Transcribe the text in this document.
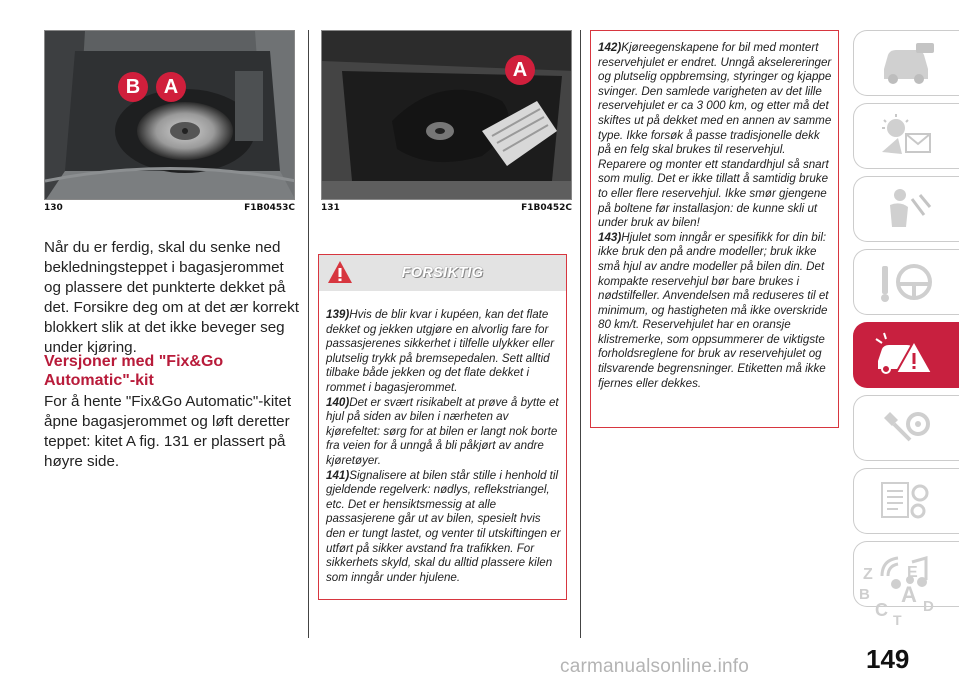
B	A
130	F1B0453C
A
131	F1B0452C

Når du er ferdig, skal du senke ned bekledningsteppet i bagasjerommet og plassere det punkterte dekket på det. Forsikre deg om at det ær korrekt blokkert slik at det ikke beveger seg under kjøring.

Versjoner med "Fix&Go Automatic"-kit

For å hente "Fix&Go Automatic"-kitet åpne bagasjerommet og løft deretter teppet: kitet A fig. 131 er plassert på høyre side.

FORSIKTIG

139)Hvis de blir kvar i kupéen, kan det flate dekket og jekken utgjøre en alvorlig fare for passasjerenes sikkerhet i tilfelle ulykker eller plutselig trykk på bremsepedalen. Sett alltid tilbake både jekken og det flate dekket i rommet i bagasjerommet.

140)Det er svært risikabelt at prøve å bytte et hjul på siden av bilen i nærheten av kjørefeltet: sørg for at bilen er langt nok borte fra veien for å unngå å bli påkjørt av andre kjøretøyer.

141)Signalisere at bilen står stille i henhold til gjeldende regelverk: nødlys, reflekstriangel, etc. Det er hensiktsmessig at alle passasjerene går ut av bilen, spesielt hvis den er tungt lastet, og venter til utskiftingen er utført på sikker avstand fra trafikken. For sikkerhets skyld, skal du alltid plassere kilen som inngår under hjulene.

142)Kjøreegenskapene for bil med montert reservehjulet er endret. Unngå akselereringer og plutselig oppbremsing, styringer og kjappe svinger. Den samlede varigheten av det lille reservehjulet er ca 3 000 km, og etter må det skiftes ut på dekket med en annen av samme type. Ikke forsøk å passe tradisjonelle dekk på en felg skal brukes til reservehjul. Reparere og monter ett standardhjul så snart som mulig. Det er ikke tillatt å samtidig bruke to eller flere reservehjul. Ikke smør gjengene på boltene før installasjon: de kunne skli ut under bruk av bilen!

143)Hjulet som inngår er spesifikk for din bil: ikke bruk den på andre modeller; bruk ikke små hjul av andre modeller på bilen din. Det kompakte reservehjul bør bare brukes i nødstilfeller. Anvendelsen må reduseres til et minimum, og hastigheten må ikke overskride 80 km/t. Reservehjulet har en oransje klistremerke, som oppsummerer de viktigste forholdsreglene for bruk av reservehjulet og tilsvarende begrensninger. Etiketten må ikke fjernes eller dekkes.

Z E
B A D
C T
149
carmanualsonline.info
